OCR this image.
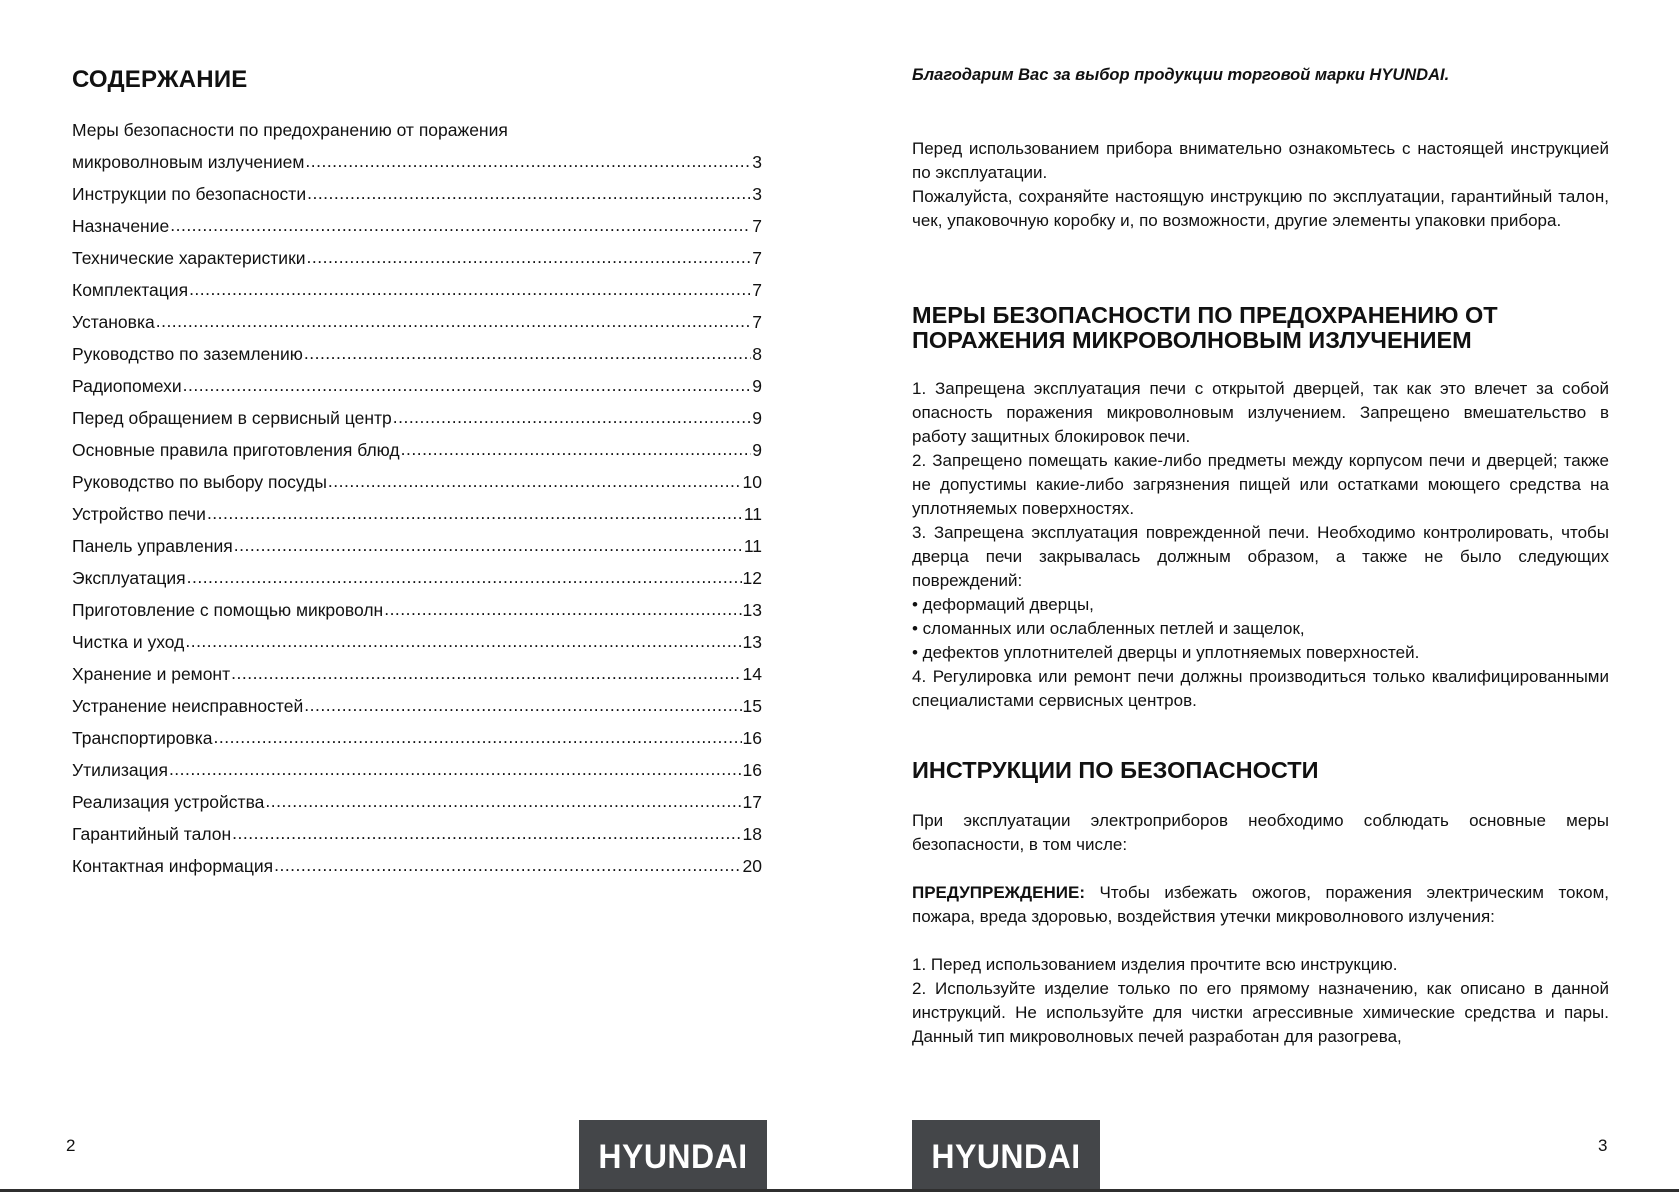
СОДЕРЖАНИЕ
Меры безопасности по предохранению от поражения
микроволновым излучением .....	3
Инструкции по безопасности .....	3
Назначение .....	7
Технические характеристики .....	7
Комплектация .....	7
Установка .....	7
Руководство по заземлению .....	8
Радиопомехи .....	9
Перед обращением в сервисный центр .....	9
Основные правила приготовления блюд .....	9
Руководство по выбору посуды .....	10
Устройство печи .....	11
Панель управления .....	11
Эксплуатация .....	12
Приготовление с помощью микроволн .....	13
Чистка и уход .....	13
Хранение и ремонт .....	14
Устранение неисправностей .....	15
Транспортировка .....	16
Утилизация .....	16
Реализация устройства .....	17
Гарантийный талон .....	18
Контактная информация .....	20
2	HYUNDAI

Благодарим Вас за выбор продукции торговой марки HYUNDAI.

Перед использованием прибора внимательно ознакомьтесь с настоящей инструкцией по эксплуатации.

Пожалуйста, сохраняйте настоящую инструкцию по эксплуатации, гарантийный талон, чек, упаковочную коробку и, по возможности, другие элементы упаковки прибора.

МЕРЫ БЕЗОПАСНОСТИ ПО ПРЕДОХРАНЕНИЮ ОТ
ПОРАЖЕНИЯ МИКРОВОЛНОВЫМ ИЗЛУЧЕНИЕМ

1. Запрещена эксплуатация печи с открытой дверцей, так как это влечет за собой опасность поражения микроволновым излучением. Запрещено вмешательство в работу защитных блокировок печи.

2. Запрещено помещать какие-либо предметы между корпусом печи и дверцей; также не допустимы какие-либо загрязнения пищей или остатками моющего средства на уплотняемых поверхностях.

3. Запрещена эксплуатация поврежденной печи. Необходимо контролировать, чтобы дверца печи закрывалась должным образом, а также не было следующих повреждений:

• деформаций дверцы,

• сломанных или ослабленных петлей и защелок,

• дефектов уплотнителей дверцы и уплотняемых поверхностей.

4. Регулировка или ремонт печи должны производиться только квалифицированными специалистами сервисных центров.

ИНСТРУКЦИИ ПО БЕЗОПАСНОСТИ

При эксплуатации электроприборов необходимо соблюдать основные меры безопасности, в том числе:

ПРЕДУПРЕЖДЕНИЕ: Чтобы избежать ожогов, поражения электрическим током, пожара, вреда здоровью, воздействия утечки микроволнового излучения:

1. Перед использованием изделия прочтите всю инструкцию.

2. Используйте изделие только по его прямому назначению, как описано в данной инструкций. Не используйте для чистки агрессивные химические средства и пары. Данный тип микроволновых печей разработан для разогрева,

HYUNDAI	3
